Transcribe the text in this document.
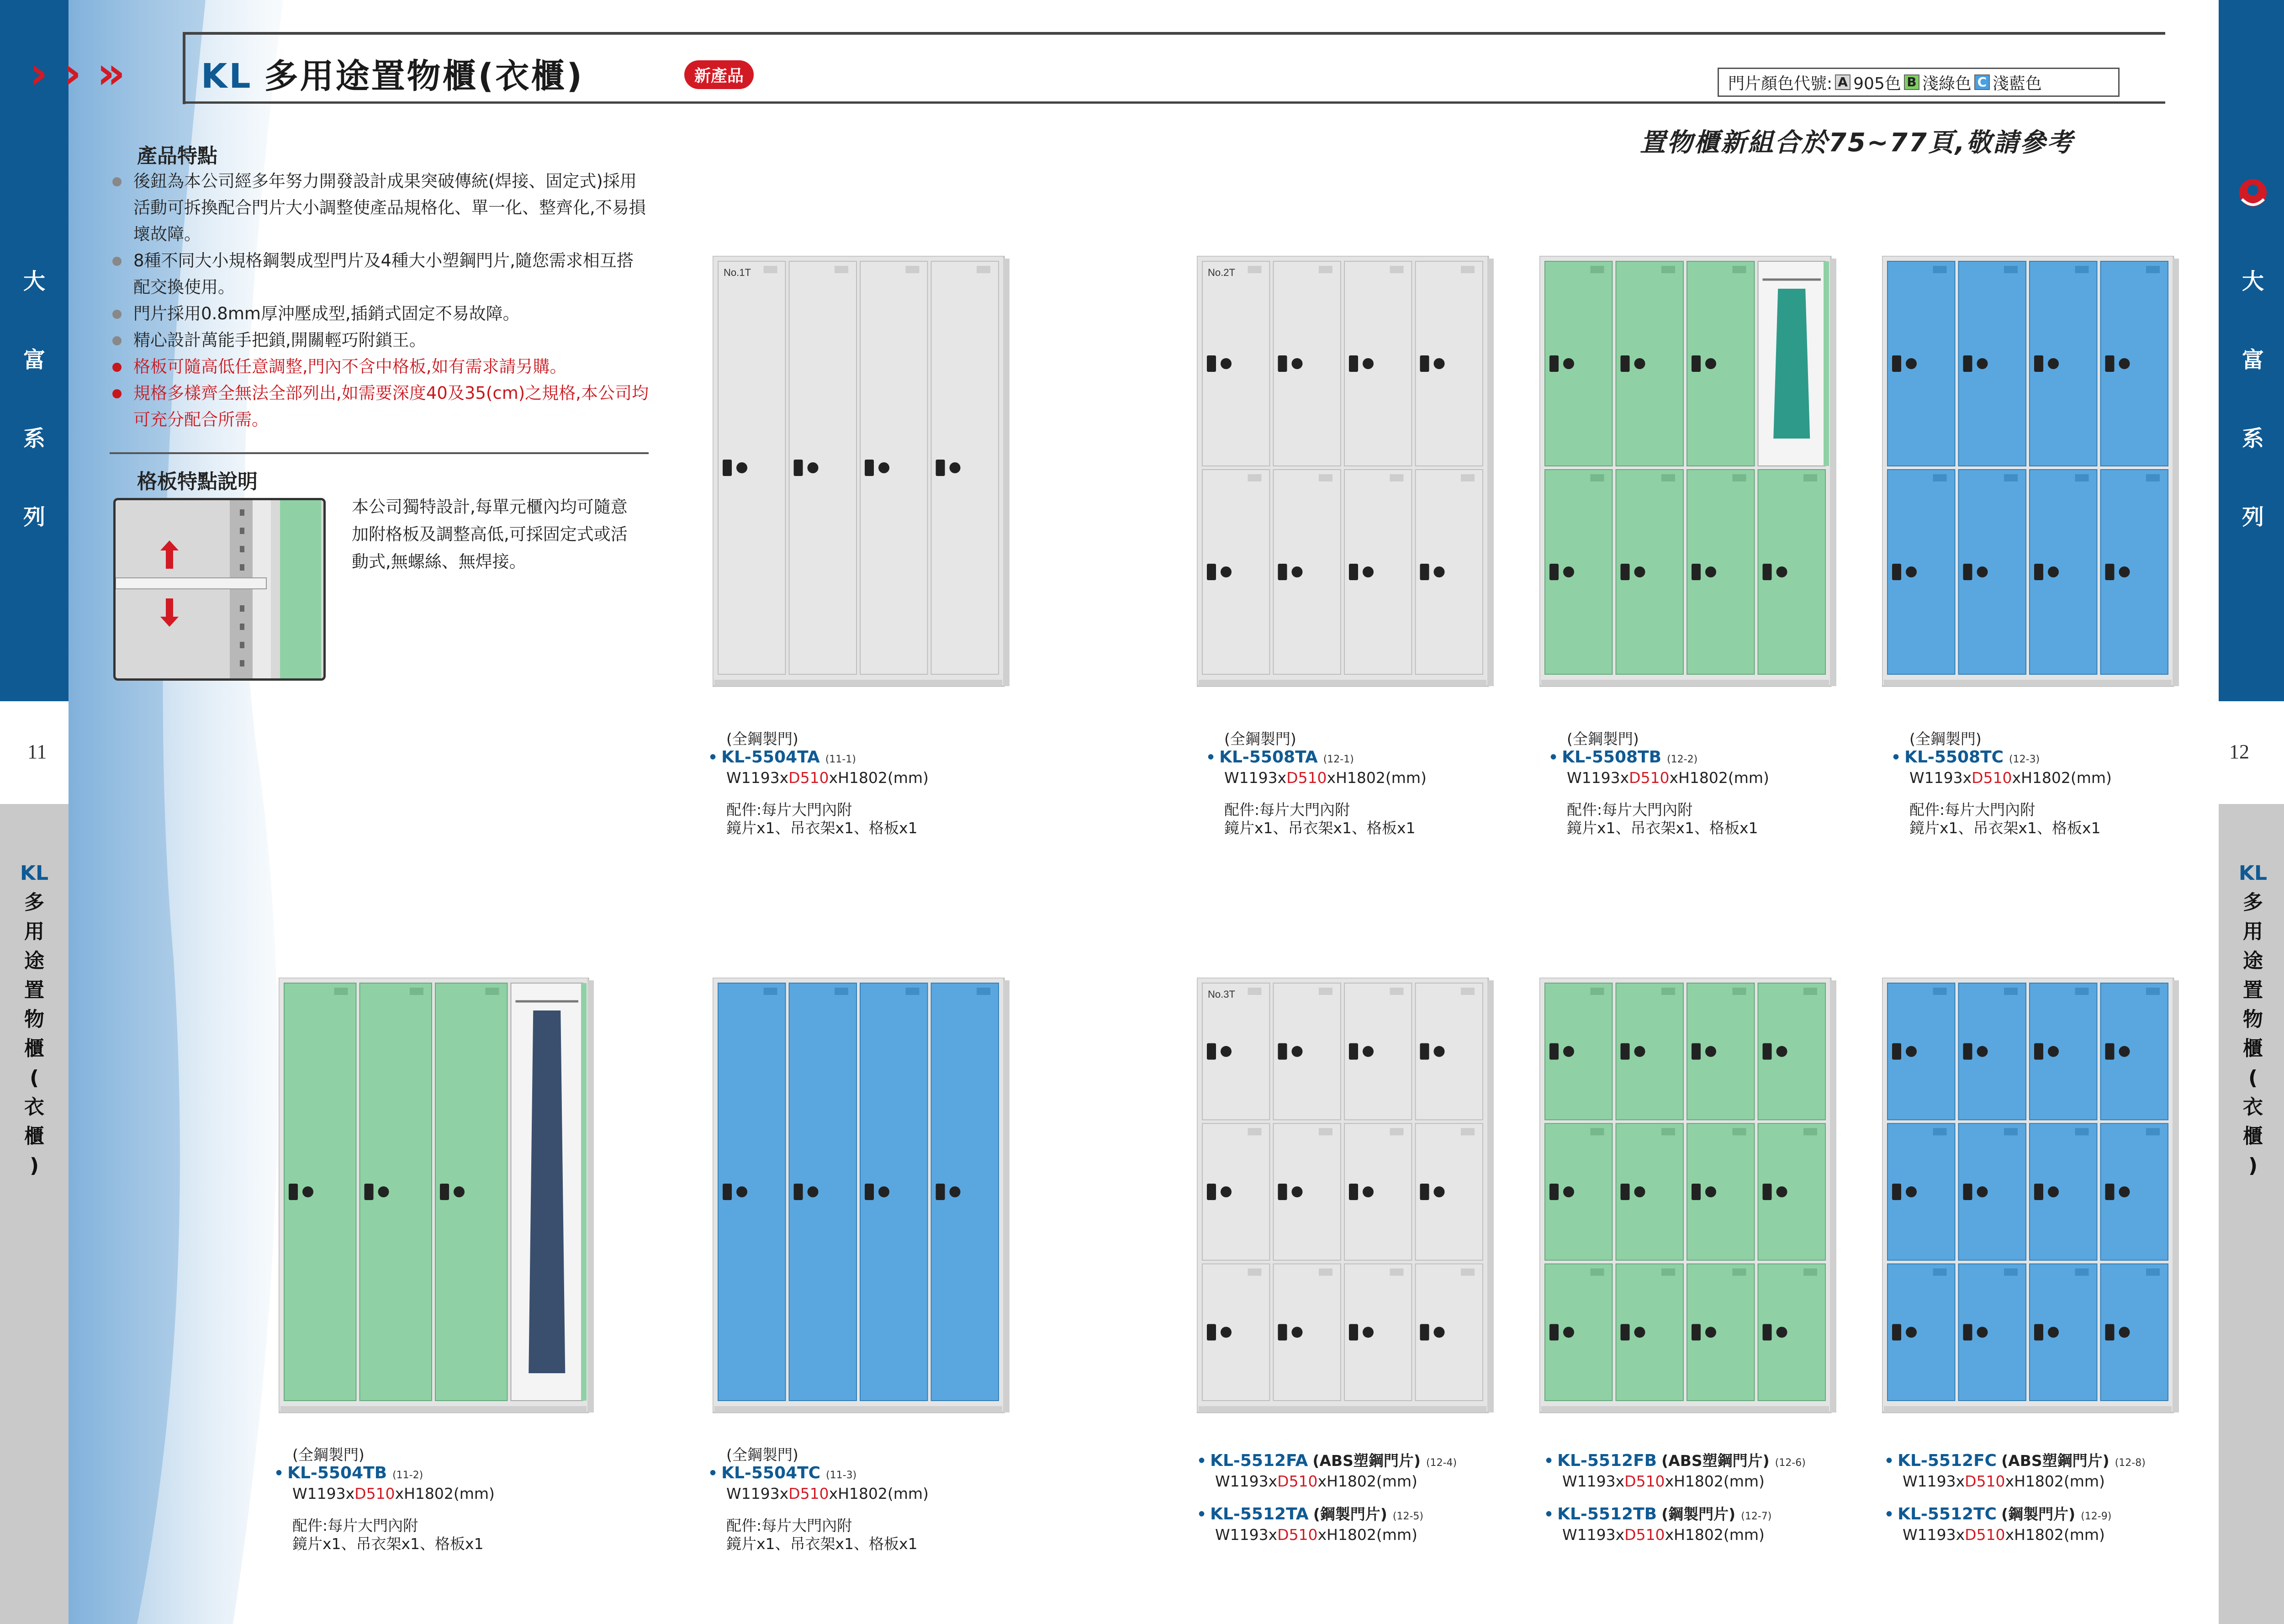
大
富
系
列
大
富
系
列
11	12
KL
多
用
途
置
物
櫃
(
衣
櫃
)
KL
多
用
途
置
物
櫃
(
衣
櫃
)
› › » KL 多用途置物櫃(衣櫃)	新產品	門片顏色代號: A 905色 B 淺綠色 C 淺藍色
置物櫃新組合於75~77頁,敬請參考
產品特點
後鈕為本公司經多年努力開發設計成果突破傳統(焊接、固定式)採用活動可拆換配合門片大小調整使產品規格化、單一化、整齊化,不易損壞故障。
8種不同大小規格鋼製成型門片及4種大小塑鋼門片,隨您需求相互搭配交換使用。
門片採用0.8mm厚沖壓成型,插銷式固定不易故障。
精心設計萬能手把鎖,開關輕巧附鎖王。
格板可隨高低任意調整,門內不含中格板,如有需求請另購。
規格多樣齊全無法全部列出,如需要深度40及35(cm)之規格,本公司均可充分配合所需。
格板特點說明
本公司獨特設計,每單元櫃內均可隨意加附格板及調整高低,可採固定式或活動式,無螺絲、無焊接。
No.1T
(全鋼製門)
• KL-5504TA (11-1)
W1193xD510xH1802(mm)
配件:每片大門內附
鏡片x1、吊衣架x1、格板x1
No.2T
(全鋼製門)
• KL-5508TA (12-1)
W1193xD510xH1802(mm)
配件:每片大門內附
鏡片x1、吊衣架x1、格板x1
(全鋼製門)
• KL-5508TB (12-2)
W1193xD510xH1802(mm)
配件:每片大門內附
鏡片x1、吊衣架x1、格板x1
(全鋼製門)
• KL-5508TC (12-3)
W1193xD510xH1802(mm)
配件:每片大門內附
鏡片x1、吊衣架x1、格板x1
(全鋼製門)
• KL-5504TB (11-2)
W1193xD510xH1802(mm)
配件:每片大門內附
鏡片x1、吊衣架x1、格板x1
(全鋼製門)
• KL-5504TC (11-3)
W1193xD510xH1802(mm)
配件:每片大門內附
鏡片x1、吊衣架x1、格板x1
No.3T
• KL-5512FA (ABS塑鋼門片) (12-4)
W1193xD510xH1802(mm)
• KL-5512TA (鋼製門片) (12-5)
W1193xD510xH1802(mm)
• KL-5512FB (ABS塑鋼門片) (12-6)
W1193xD510xH1802(mm)
• KL-5512TB (鋼製門片) (12-7)
W1193xD510xH1802(mm)
• KL-5512FC (ABS塑鋼門片) (12-8)
W1193xD510xH1802(mm)
• KL-5512TC (鋼製門片) (12-9)
W1193xD510xH1802(mm)
